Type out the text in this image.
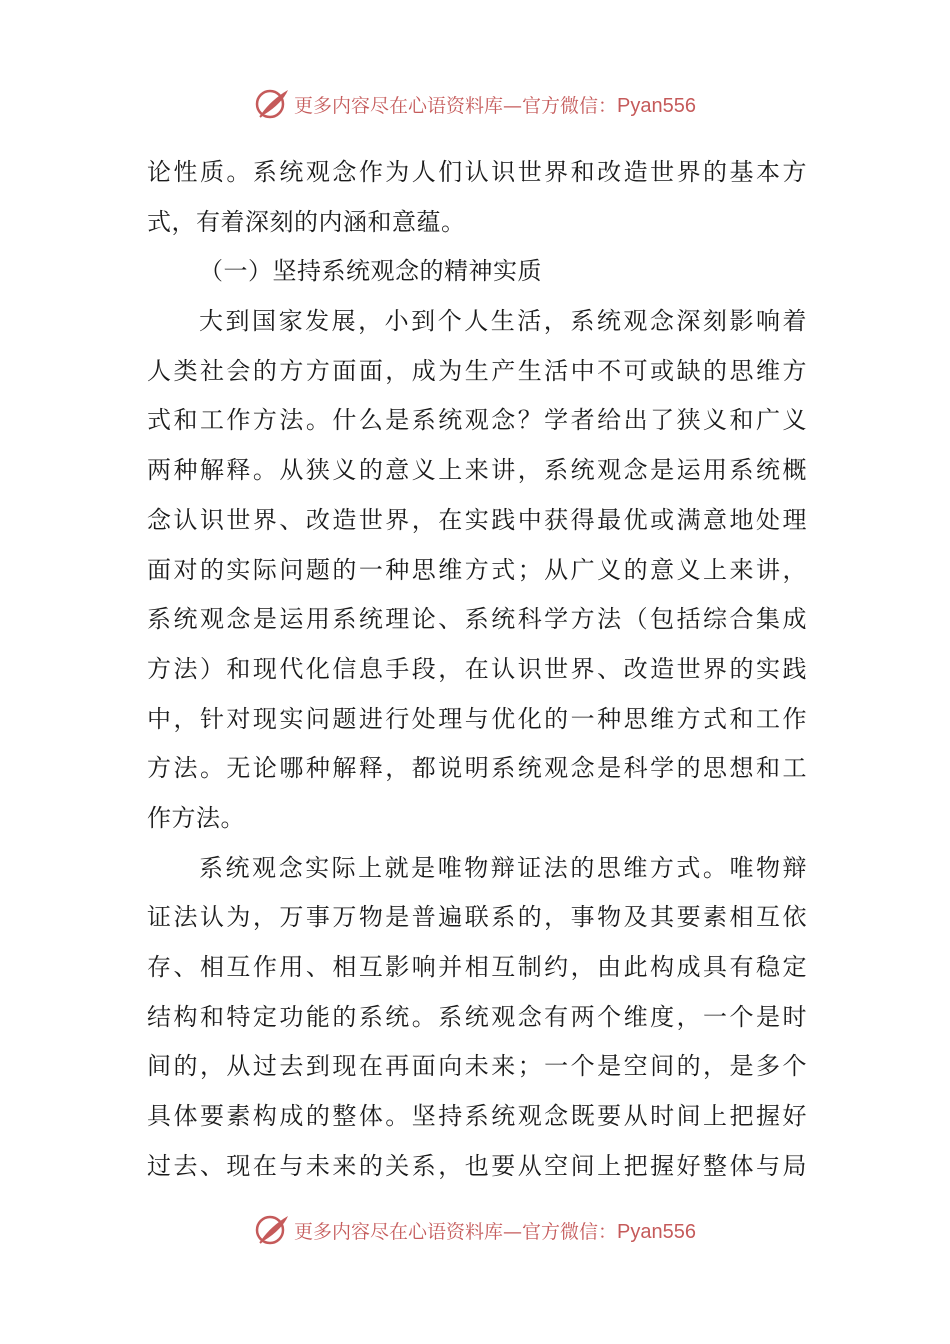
更多内容尽在心语资料库—官方微信：Pyan556
论性质。系统观念作为人们认识世界和改造世界的基本方
式，有着深刻的内涵和意蕴。
（一）坚持系统观念的精神实质
大到国家发展，小到个人生活，系统观念深刻影响着
人类社会的方方面面，成为生产生活中不可或缺的思维方
式和工作方法。什么是系统观念？学者给出了狭义和广义
两种解释。从狭义的意义上来讲，系统观念是运用系统概
念认识世界、改造世界，在实践中获得最优或满意地处理
面对的实际问题的一种思维方式；从广义的意义上来讲，
系统观念是运用系统理论、系统科学方法（包括综合集成
方法）和现代化信息手段，在认识世界、改造世界的实践
中，针对现实问题进行处理与优化的一种思维方式和工作
方法。无论哪种解释，都说明系统观念是科学的思想和工
作方法。
系统观念实际上就是唯物辩证法的思维方式。唯物辩
证法认为，万事万物是普遍联系的，事物及其要素相互依
存、相互作用、相互影响并相互制约，由此构成具有稳定
结构和特定功能的系统。系统观念有两个维度，一个是时
间的，从过去到现在再面向未来；一个是空间的，是多个
具体要素构成的整体。坚持系统观念既要从时间上把握好
过去、现在与未来的关系，也要从空间上把握好整体与局
更多内容尽在心语资料库—官方微信：Pyan556
